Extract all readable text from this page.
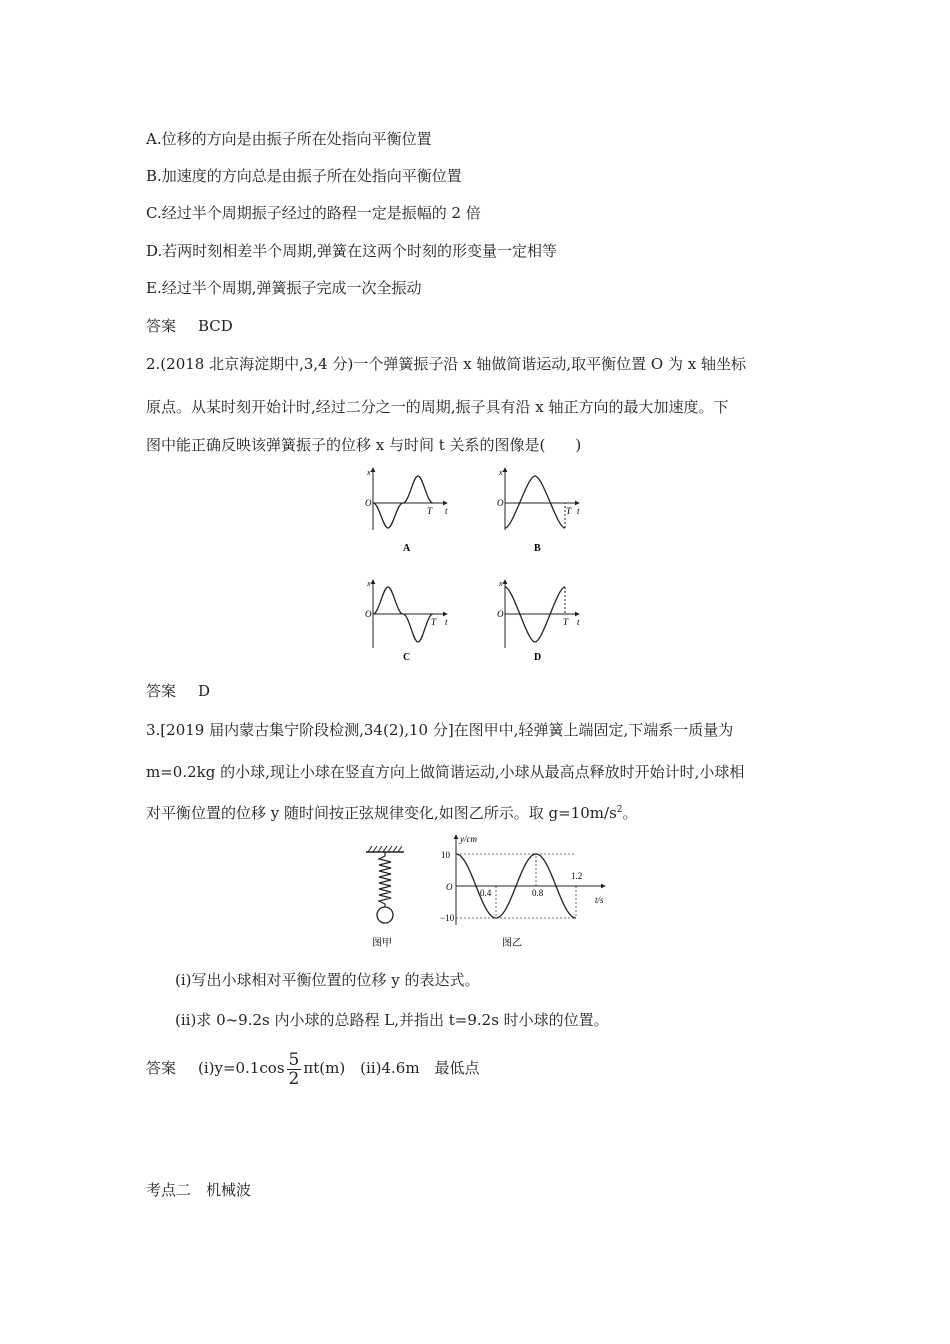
A.位移的方向是由振子所在处指向平衡位置
B.加速度的方向总是由振子所在处指向平衡位置
C.经过半个周期振子经过的路程一定是振幅的 2 倍
D.若两时刻相差半个周期,弹簧在这两个时刻的形变量一定相等
E.经过半个周期,弹簧振子完成一次全振动
答案 BCD
2.(2018 北京海淀期中,3,4 分)一个弹簧振子沿 x 轴做简谐运动,取平衡位置 O 为 x 轴坐标
原点。从某时刻开始计时,经过二分之一的周期,振子具有沿 x 轴正方向的最大加速度。下
图中能正确反映该弹簧振子的位移 x 与时间 t 关系的图像是(　　)
x
O
T t
A
x
O
T t
B
x
O
T t
C
x
O
T t
D
答案 D
3.[2019 届内蒙古集宁阶段检测,34(2),10 分]在图甲中,轻弹簧上端固定,下端系一质量为
m=0.2kg 的小球,现让小球在竖直方向上做简谐运动,小球从最高点释放时开始计时,小球相
对平衡位置的位移 y 随时间按正弦规律变化,如图乙所示。取 $g=10m/s^2$。
图甲
y/cm
t/s
O
10
−10
0.4	0.8
1.2
图乙
(ⅰ)写出小球相对平衡位置的位移 y 的表达式。
(ⅱ)求 0~9.2s 内小球的总路程 L,并指出 t=9.2s 时小球的位置。
答案 (ⅰ)y=0.1cos $\frac{5}{2} \pi t(m)$　(ⅱ)4.6m　最低点
考点二　机械波
